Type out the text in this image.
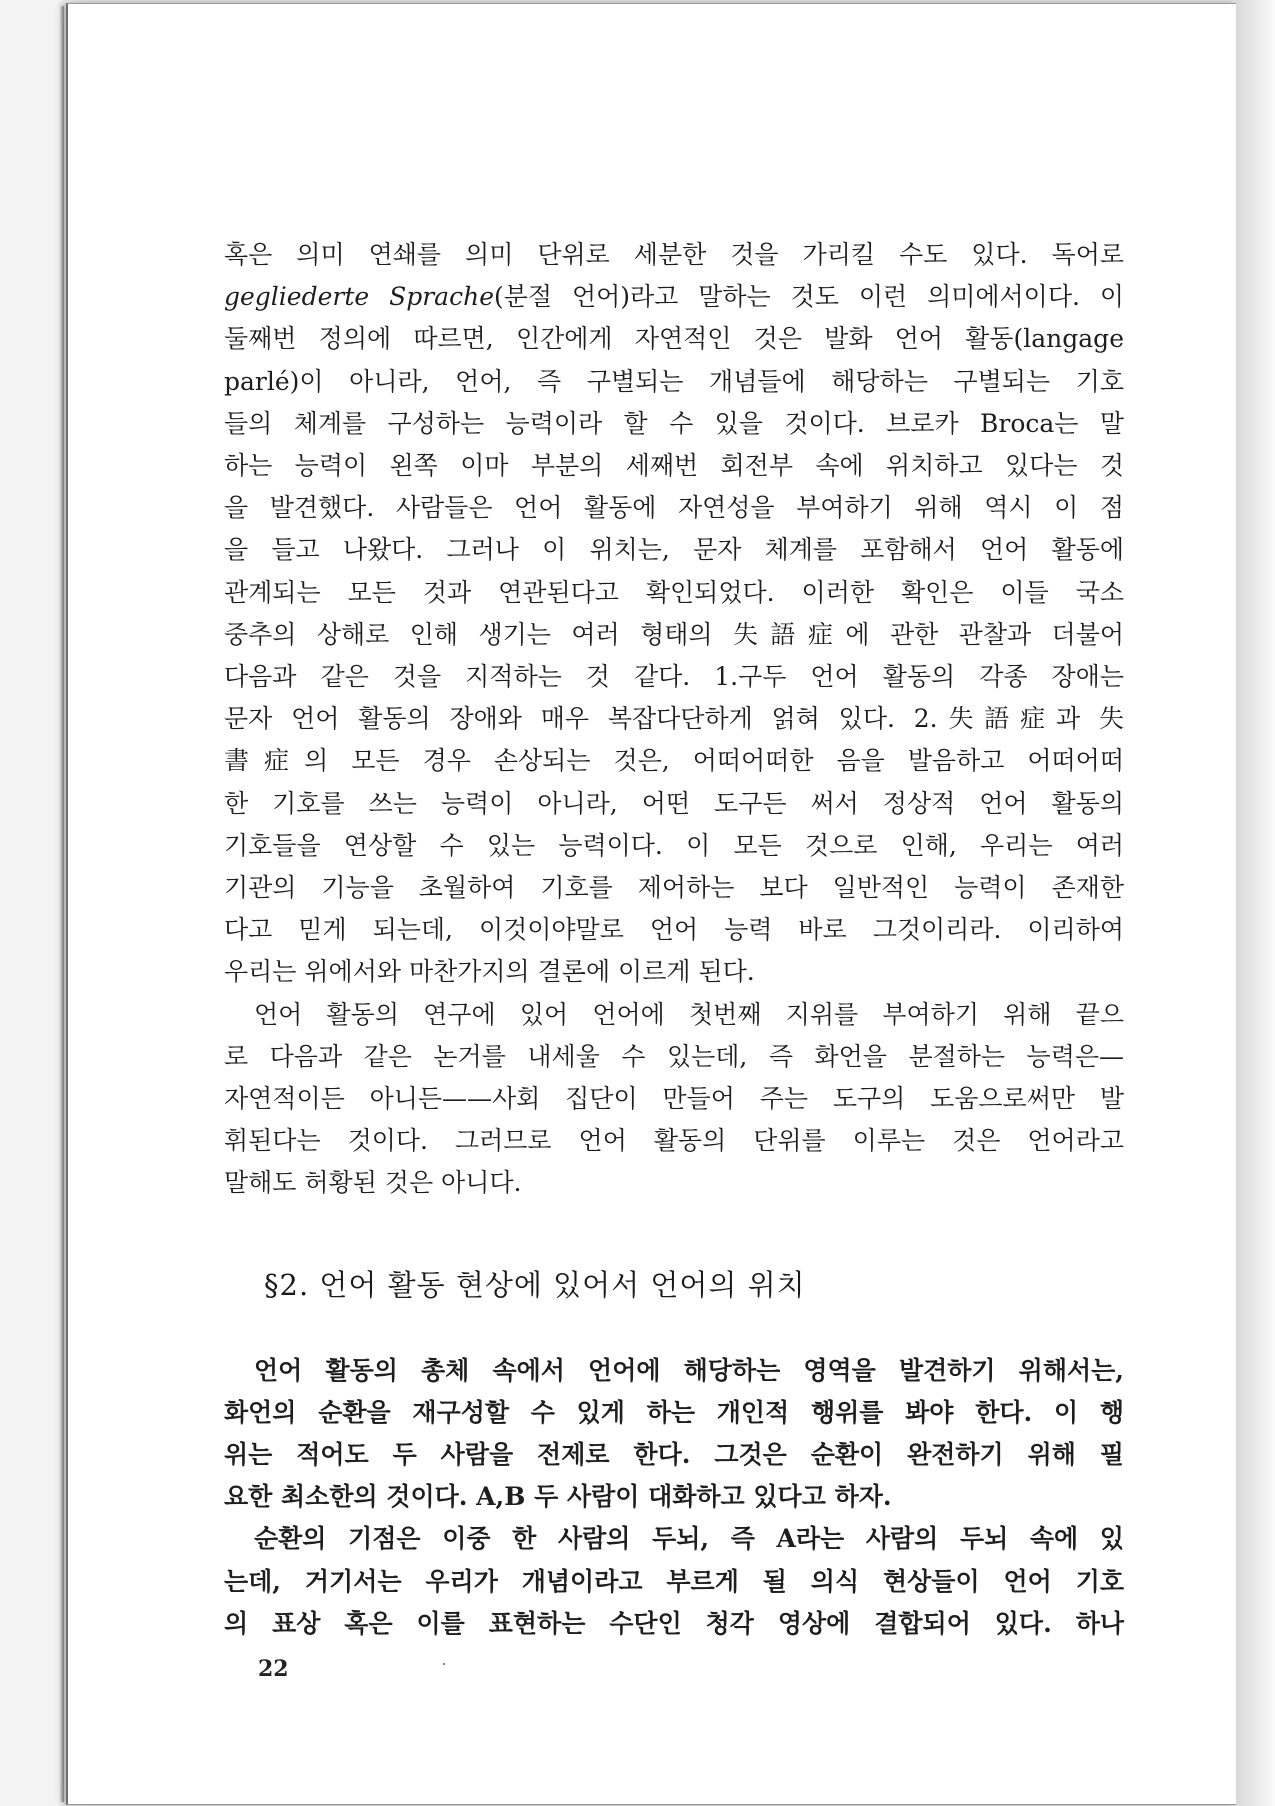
혹은 의미 연쇄를 의미 단위로 세분한 것을 가리킬 수도 있다. 독어로
gegliederte Sprache(분절 언어)라고 말하는 것도 이런 의미에서이다. 이
둘째번 정의에 따르면, 인간에게 자연적인 것은 발화 언어 활동(langage
parlé)이 아니라, 언어, 즉 구별되는 개념들에 해당하는 구별되는 기호
들의 체계를 구성하는 능력이라 할 수 있을 것이다. 브로카 Broca는 말
하는 능력이 왼쪽 이마 부분의 세째번 회전부 속에 위치하고 있다는 것
을 발견했다. 사람들은 언어 활동에 자연성을 부여하기 위해 역시 이 점
을 들고 나왔다. 그러나 이 위치는, 문자 체계를 포함해서 언어 활동에
관계되는 모든 것과 연관된다고 확인되었다. 이러한 확인은 이들 국소
중추의 상해로 인해 생기는 여러 형태의 失語症에 관한 관찰과 더불어
다음과 같은 것을 지적하는 것 같다. 1.구두 언어 활동의 각종 장애는
문자 언어 활동의 장애와 매우 복잡다단하게 얽혀 있다. 2.失語症과 失
書症의 모든 경우 손상되는 것은, 어떠어떠한 음을 발음하고 어떠어떠
한 기호를 쓰는 능력이 아니라, 어떤 도구든 써서 정상적 언어 활동의
기호들을 연상할 수 있는 능력이다. 이 모든 것으로 인해, 우리는 여러
기관의 기능을 초월하여 기호를 제어하는 보다 일반적인 능력이 존재한
다고 믿게 되는데, 이것이야말로 언어 능력 바로 그것이리라. 이리하여
우리는 위에서와 마찬가지의 결론에 이르게 된다.
언어 활동의 연구에 있어 언어에 첫번째 지위를 부여하기 위해 끝으
로 다음과 같은 논거를 내세울 수 있는데, 즉 화언을 분절하는 능력은—
자연적이든 아니든——사회 집단이 만들어 주는 도구의 도움으로써만 발
휘된다는 것이다. 그러므로 언어 활동의 단위를 이루는 것은 언어라고
말해도 허황된 것은 아니다.
§2. 언어 활동 현상에 있어서 언어의 위치
언어 활동의 총체 속에서 언어에 해당하는 영역을 발견하기 위해서는,
화언의 순환을 재구성할 수 있게 하는 개인적 행위를 봐야 한다. 이 행
위는 적어도 두 사람을 전제로 한다. 그것은 순환이 완전하기 위해 필
요한 최소한의 것이다. A,B 두 사람이 대화하고 있다고 하자.
순환의 기점은 이중 한 사람의 두뇌, 즉 A라는 사람의 두뇌 속에 있
는데, 거기서는 우리가 개념이라고 부르게 될 의식 현상들이 언어 기호
의 표상 혹은 이를 표현하는 수단인 청각 영상에 결합되어 있다. 하나
22
